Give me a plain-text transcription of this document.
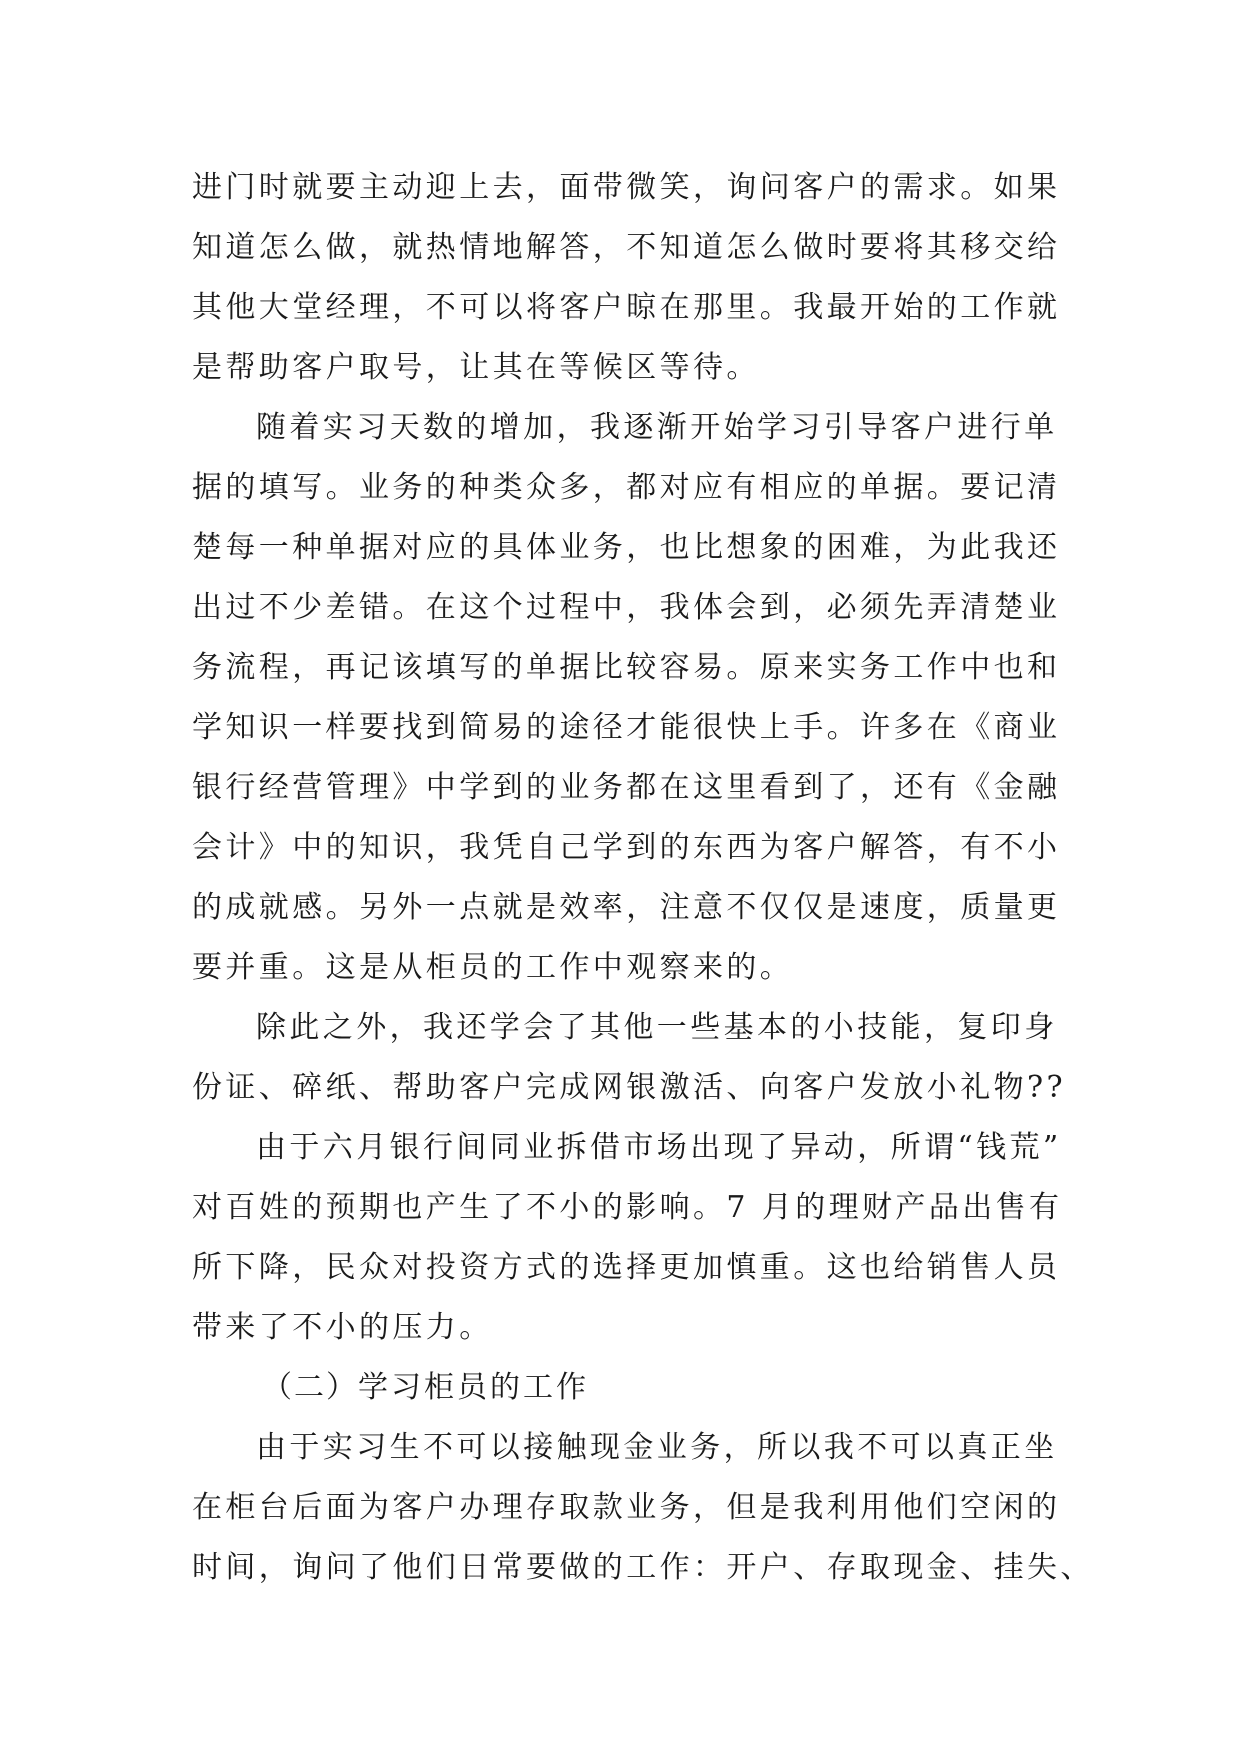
进门时就要主动迎上去，面带微笑，询问客户的需求。如果
知道怎么做，就热情地解答，不知道怎么做时要将其移交给
其他大堂经理，不可以将客户晾在那里。我最开始的工作就
是帮助客户取号，让其在等候区等待。
随着实习天数的增加，我逐渐开始学习引导客户进行单
据的填写。业务的种类众多，都对应有相应的单据。要记清
楚每一种单据对应的具体业务，也比想象的困难，为此我还
出过不少差错。在这个过程中，我体会到，必须先弄清楚业
务流程，再记该填写的单据比较容易。原来实务工作中也和
学知识一样要找到简易的途径才能很快上手。许多在《商业
银行经营管理》中学到的业务都在这里看到了，还有《金融
会计》中的知识，我凭自己学到的东西为客户解答，有不小
的成就感。另外一点就是效率，注意不仅仅是速度，质量更
要并重。这是从柜员的工作中观察来的。
除此之外，我还学会了其他一些基本的小技能，复印身
份证、碎纸、帮助客户完成网银激活、向客户发放小礼物??
由于六月银行间同业拆借市场出现了异动，所谓“钱荒”
对百姓的预期也产生了不小的影响。7 月的理财产品出售有
所下降，民众对投资方式的选择更加慎重。这也给销售人员
带来了不小的压力。
（二）学习柜员的工作
由于实习生不可以接触现金业务，所以我不可以真正坐
在柜台后面为客户办理存取款业务，但是我利用他们空闲的
时间，询问了他们日常要做的工作：开户、存取现金、挂失、
